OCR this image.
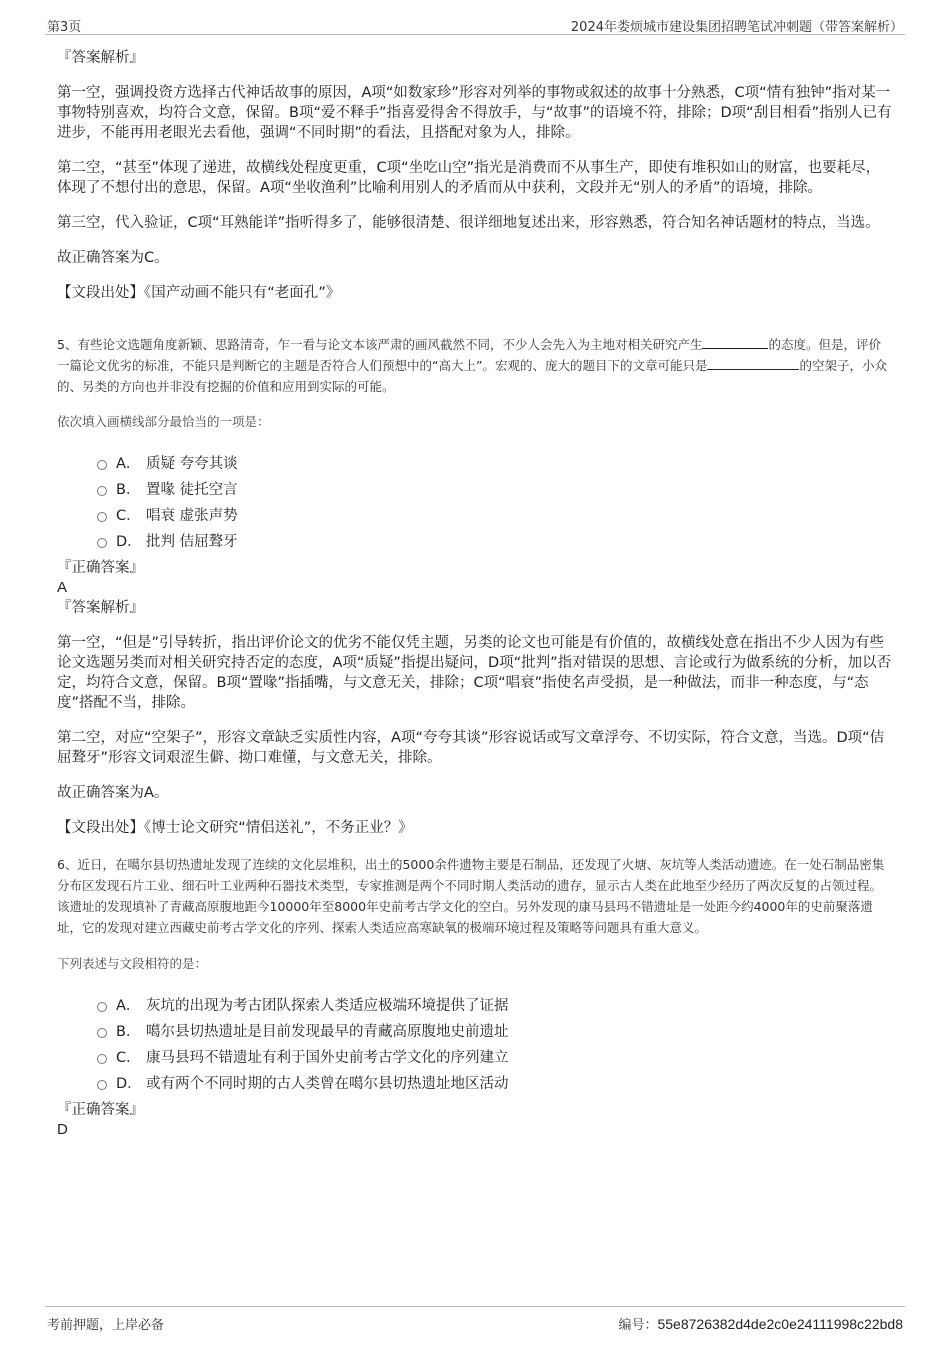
第3页	2024年娄烦城市建设集团招聘笔试冲刺题（带答案解析）

『答案解析』

第一空，强调投资方选择古代神话故事的原因，A项“如数家珍”形容对列举的事物或叙述的故事十分熟悉，C项“情有独钟”指对某一事物特别喜欢，均符合文意，保留。B项“爱不释手”指喜爱得舍不得放手，与“故事”的语境不符，排除；D项“刮目相看”指别人已有进步，不能再用老眼光去看他，强调“不同时期”的看法，且搭配对象为人，排除。

第二空，“甚至”体现了递进，故横线处程度更重，C项“坐吃山空”指光是消费而不从事生产，即使有堆积如山的财富，也要耗尽，体现了不想付出的意思，保留。A项“坐收渔利”比喻利用别人的矛盾而从中获利，文段并无“别人的矛盾”的语境，排除。

第三空，代入验证，C项“耳熟能详”指听得多了，能够很清楚、很详细地复述出来，形容熟悉，符合知名神话题材的特点，当选。

故正确答案为C。

【文段出处】《国产动画不能只有“老面孔”》

5、有些论文选题角度新颖、思路清奇，乍一看与论文本该严肃的画风截然不同，不少人会先入为主地对相关研究产生	的态度。但是，评价一篇论文优劣的标准，不能只是判断它的主题是否符合人们预想中的“高大上”。宏观的、庞大的题目下的文章可能只是	的空架子，小众的、另类的方向也并非没有挖掘的价值和应用到实际的可能。

依次填入画横线部分最恰当的一项是：

A． 质疑 夸夸其谈
B． 置喙 徒托空言
C． 唱衰 虚张声势
D． 批判 佶屈聱牙

『正确答案』

A

『答案解析』

第一空，“但是”引导转折，指出评价论文的优劣不能仅凭主题，另类的论文也可能是有价值的，故横线处意在指出不少人因为有些论文选题另类而对相关研究持否定的态度，A项“质疑”指提出疑问，D项“批判”指对错误的思想、言论或行为做系统的分析，加以否定，均符合文意，保留。B项“置喙”指插嘴，与文意无关，排除；C项“唱衰”指使名声受损，是一种做法，而非一种态度，与“态度”搭配不当，排除。

第二空，对应“空架子”，形容文章缺乏实质性内容，A项“夸夸其谈”形容说话或写文章浮夸、不切实际，符合文意，当选。D项“佶屈聱牙”形容文词艰涩生僻、拗口难懂，与文意无关，排除。

故正确答案为A。

【文段出处】《博士论文研究“情侣送礼”，不务正业？》

6、近日，在噶尔县切热遗址发现了连续的文化层堆积，出土的5000余件遗物主要是石制品，还发现了火塘、灰坑等人类活动遗迹。在一处石制品密集分布区发现石片工业、细石叶工业两种石器技术类型，专家推测是两个不同时期人类活动的遗存，显示古人类在此地至少经历了两次反复的占领过程。该遗址的发现填补了青藏高原腹地距今10000年至8000年史前考古学文化的空白。另外发现的康马县玛不错遗址是一处距今约4000年的史前聚落遗址，它的发现对建立西藏史前考古学文化的序列、探索人类适应高寒缺氧的极端环境过程及策略等问题具有重大意义。

下列表述与文段相符的是：

A． 灰坑的出现为考古团队探索人类适应极端环境提供了证据
B． 噶尔县切热遗址是目前发现最早的青藏高原腹地史前遗址
C． 康马县玛不错遗址有利于国外史前考古学文化的序列建立
D． 或有两个不同时期的古人类曾在噶尔县切热遗址地区活动

『正确答案』

D

考前押题，上岸必备	编号：55e8726382d4de2c0e24111998c22bd8
